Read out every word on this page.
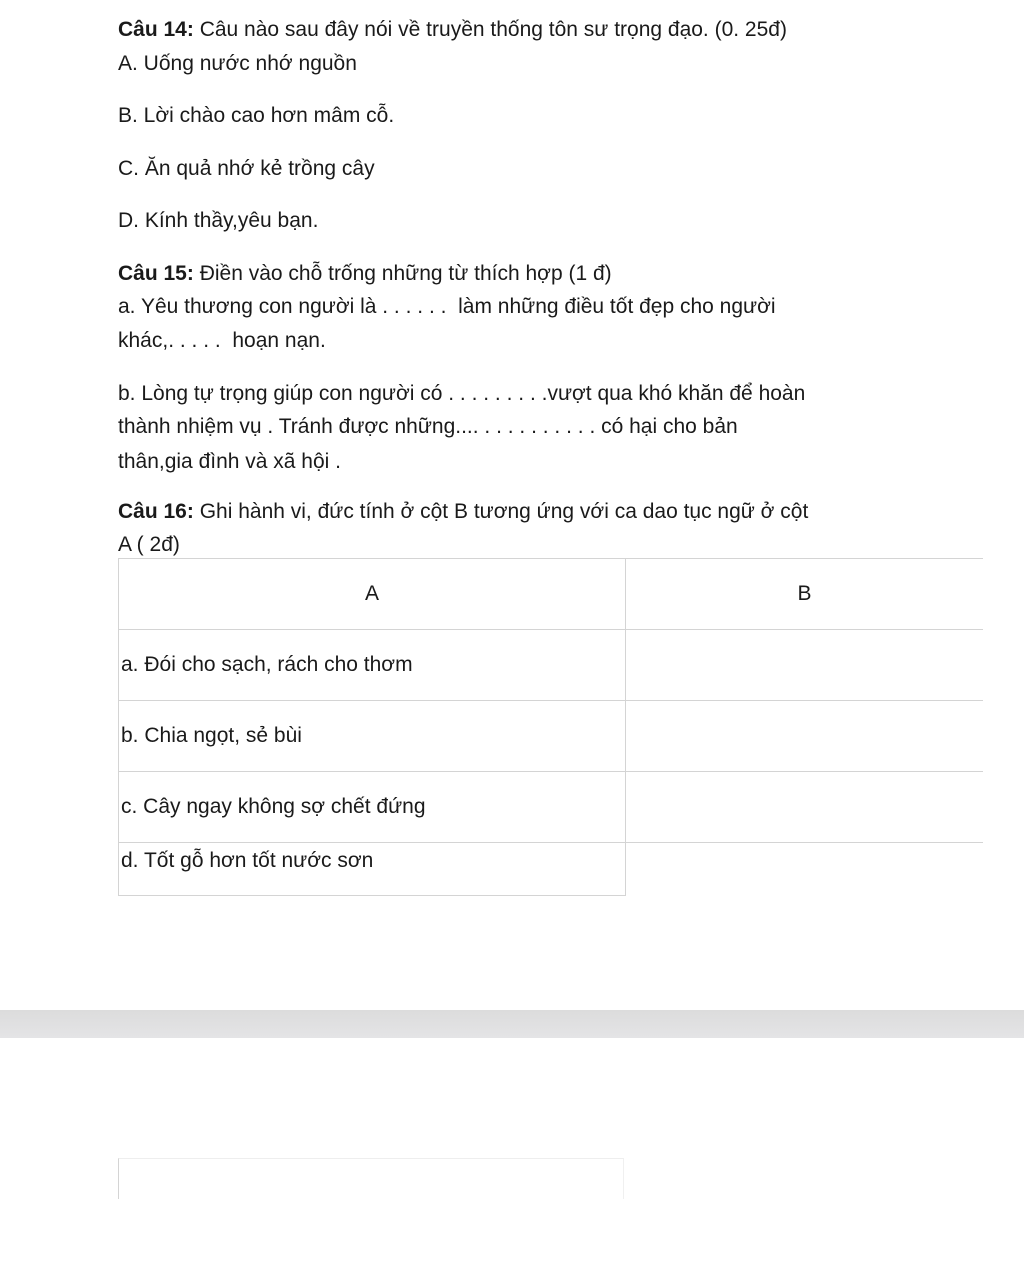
Câu 14: Câu nào sau đây nói về truyền thống tôn sư trọng đạo. (0. 25đ)
A. Uống nước nhớ nguồn
B. Lời chào cao hơn mâm cỗ.
C. Ăn quả nhớ kẻ trồng cây
D. Kính thầy,yêu bạn.
Câu 15: Điền vào chỗ trống những từ thích hợp (1 đ)
a. Yêu thương con người là . . . . . .  làm những điều tốt đẹp cho người
khác,. . . . .  hoạn nạn.
b. Lòng tự trọng giúp con người có . . . . . . . . .vượt qua khó khăn để hoàn
thành nhiệm vụ . Tránh được những.... . . . . . . . . . . có hại cho bản
thân,gia đình và xã hội .
Câu 16: Ghi hành vi, đức tính ở cột B tương ứng với ca dao tục ngữ ở cột
A ( 2đ)
A	B
a. Đói cho sạch, rách cho thơm	
b. Chia ngọt, sẻ bùi	
c. Cây ngay không sợ chết đứng	
d. Tốt gỗ hơn tốt nước sơn	
